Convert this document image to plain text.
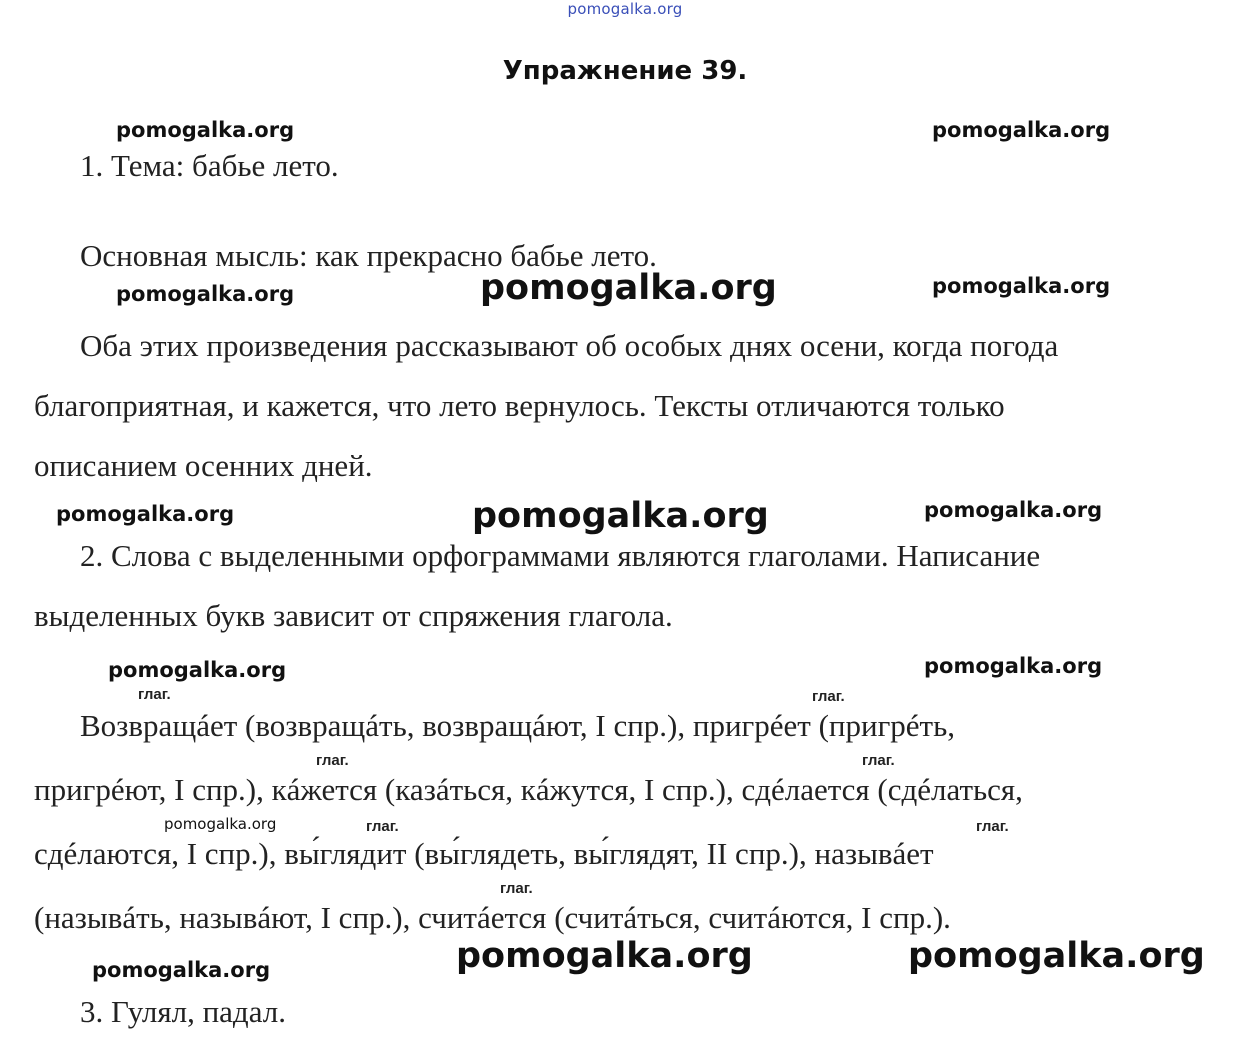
pomogalka.org
Упражнение 39.
pomogalka.org	pomogalka.org
pomogalka.org	pomogalka.org	pomogalka.org
pomogalka.org	pomogalka.org	pomogalka.org
pomogalka.org	pomogalka.org
pomogalka.org
pomogalka.org	pomogalka.org	pomogalka.org
1. Тема: бабье лето.
Основная мысль: как прекрасно бабье лето.
Оба этих произведения рассказывают об особых днях осени, когда погода
благоприятная, и кажется, что лето вернулось. Тексты отличаются только
описанием осенних дней.
2. Слова с выделенными орфограммами являются глаголами. Написание
выделенных букв зависит от спряжения глагола.
глаг.	глаг.
глаг.	глаг.
глаг.	глаг.
глаг.
Возвращáет (возвращáть, возвращáют, I спр.), пригрéет (пригрéть,
пригрéют, I спр.), кáжется (казáться, кáжутся, I спр.), сдéлается (сдéлаться,
сдéлаются, I спр.), вы́глядит (вы́глядеть, вы́глядят, II спр.), назывáет
(назывáть, назывáют, I спр.), считáется (считáться, считáются, I спр.).
3. Гулял, падал.
